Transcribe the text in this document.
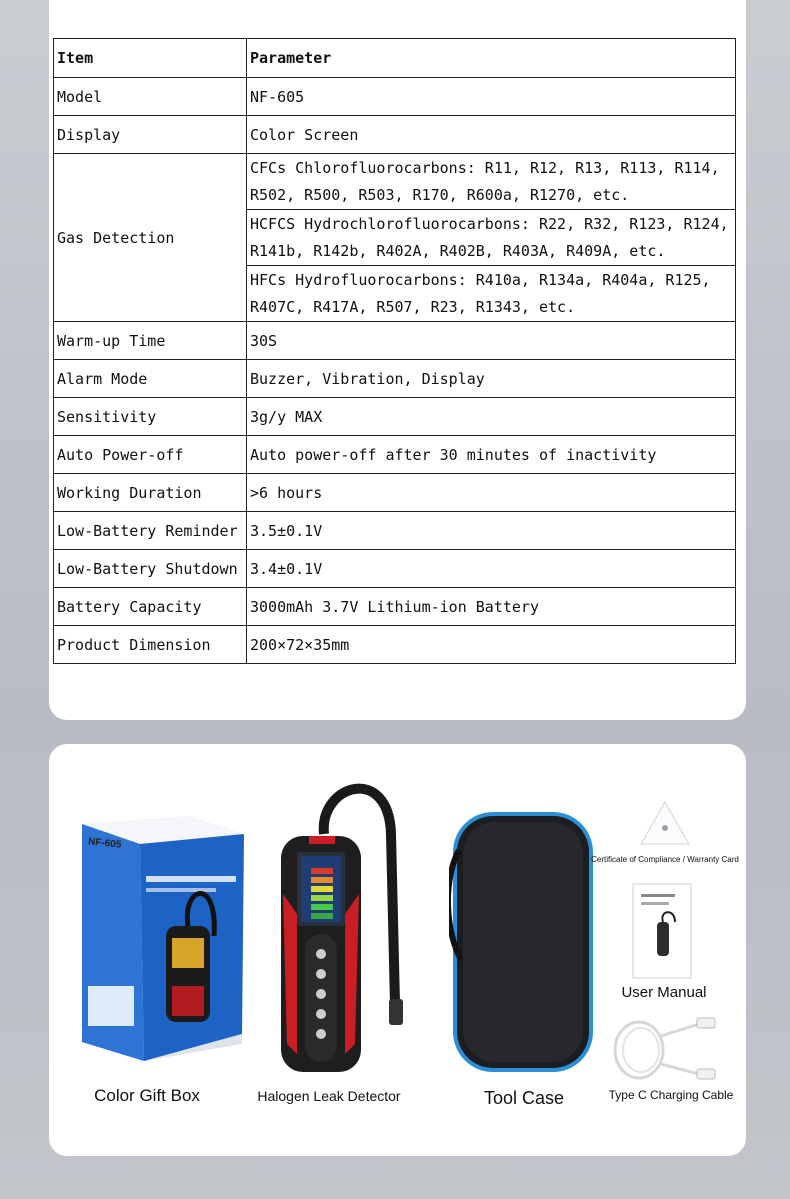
Item	Parameter
Model	NF-605
Display	Color Screen
Gas Detection	CFCs Chlorofluorocarbons: R11, R12, R13, R113, R114,
R502, R500, R503, R170, R600a, R1270, etc.

	HCFCS Hydrochlorofluorocarbons: R22, R32, R123, R124,
R141b, R142b, R402A, R402B, R403A, R409A, etc.

	HFCs Hydrofluorocarbons: R410a, R134a, R404a, R125,
R407C, R417A, R507, R23, R1343, etc.

Warm-up Time	30S
Alarm Mode	Buzzer, Vibration, Display
Sensitivity	3g/y MAX
Auto Power-off	Auto power-off after 30 minutes of inactivity
Working Duration	>6 hours
Low-Battery Reminder	3.5±0.1V
Low-Battery Shutdown	3.4±0.1V
Battery Capacity	3000mAh 3.7V Lithium-ion Battery
Product Dimension	200×72×35mm
NF-605
Color Gift Box	Halogen Leak Detector	Tool Case
Certificate of Compliance / Warranty Card
User Manual
Type C Charging Cable
